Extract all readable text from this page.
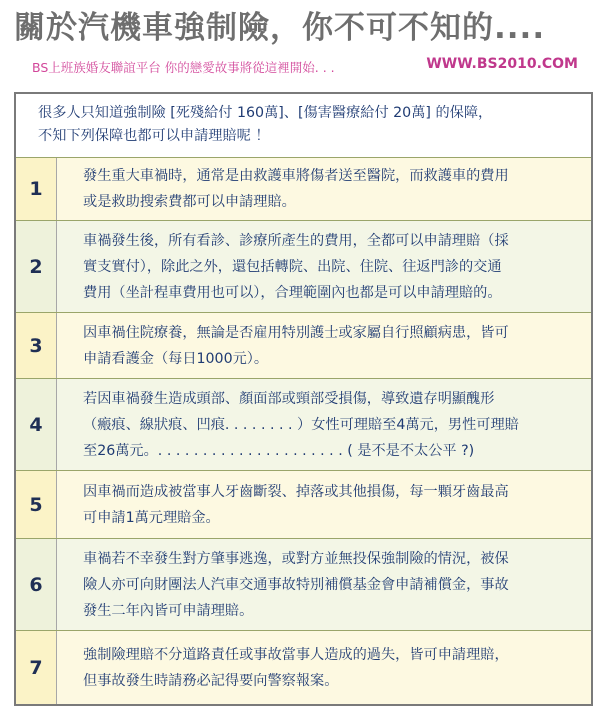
關於汽機車強制險，你不可不知的....
BS上班族婚友聯誼平台 你的戀愛故事將從這裡開始. . .	WWW.BS2010.COM
很多人只知道強制險 [死殘給付 160萬]、[傷害醫療給付 20萬] 的保障，
不知下列保障也都可以申請理賠呢 ！
1
發生重大車禍時，通常是由救護車將傷者送至醫院，而救護車的費用
或是救助搜索費都可以申請理賠。
2
車禍發生後，所有看診、診療所產生的費用，全都可以申請理賠（採
實支實付），除此之外，還包括轉院、出院、住院、往返門診的交通
費用（坐計程車費用也可以），合理範圍內也都是可以申請理賠的。
3
因車禍住院療養，無論是否雇用特別護士或家屬自行照顧病患，皆可
申請看護金（每日1000元）。
4
若因車禍發生造成頭部、顏面部或頸部受損傷，導致遺存明顯醜形
（瘢痕、線狀痕、凹痕. . . . . . . . ）女性可理賠至4萬元，男性可理賠
至26萬元。. . . . . . . . . . . . . . . . . . . . . ( 是不是不太公平 ?)
5
因車禍而造成被當事人牙齒斷裂、掉落或其他損傷，每一顆牙齒最高
可申請1萬元理賠金。
6
車禍若不幸發生對方肇事逃逸，或對方並無投保強制險的情況，被保
險人亦可向財團法人汽車交通事故特別補償基金會申請補償金，事故
發生二年內皆可申請理賠。
7
強制險理賠不分道路責任或事故當事人造成的過失，皆可申請理賠，
但事故發生時請務必記得要向警察報案。
